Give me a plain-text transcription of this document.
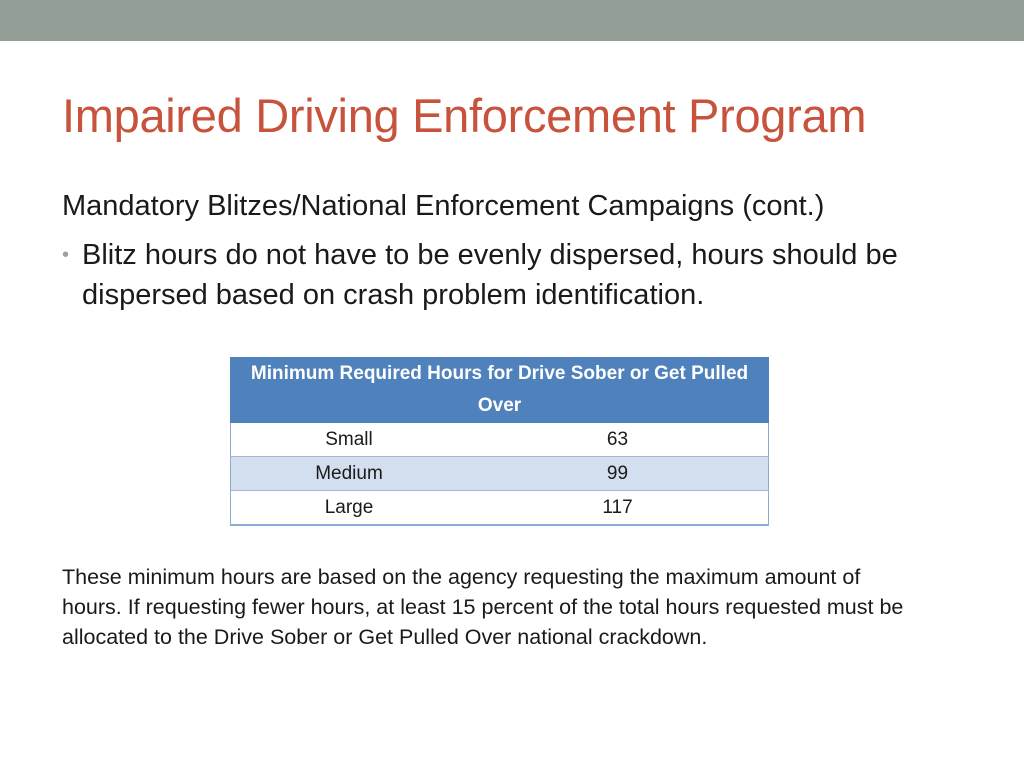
Impaired Driving Enforcement Program
Mandatory Blitzes/National Enforcement Campaigns (cont.)
• Blitz hours do not have to be evenly dispersed, hours should be dispersed based on crash problem identification.
Minimum Required Hours for Drive Sober or Get Pulled Over	
Small	63
Medium	99
Large	117

These minimum hours are based on the agency requesting the maximum amount of hours. If requesting fewer hours, at least 15 percent of the total hours requested must be allocated to the Drive Sober or Get Pulled Over national crackdown.
